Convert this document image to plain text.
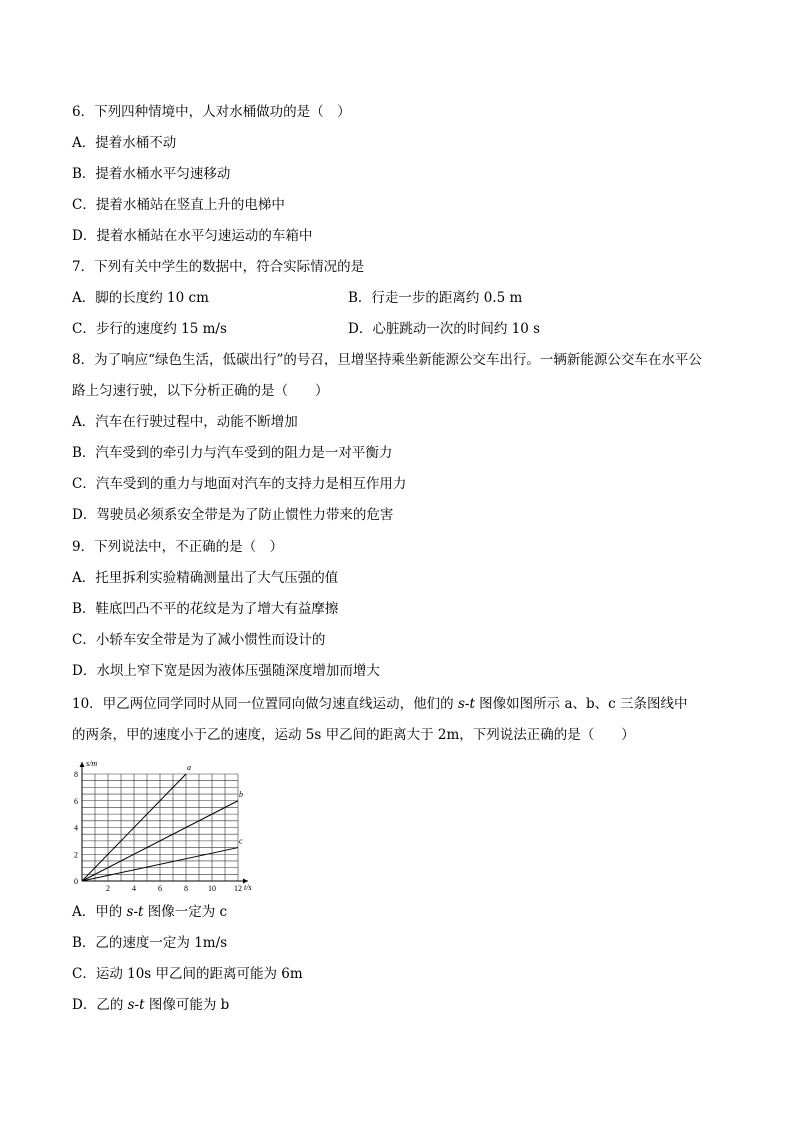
6．下列四种情境中，人对水桶做功的是（　）
A．提着水桶不动
B．提着水桶水平匀速移动
C．提着水桶站在竖直上升的电梯中
D．提着水桶站在水平匀速运动的车箱中
7．下列有关中学生的数据中，符合实际情况的是
A．脚的长度约 10 cm	B．行走一步的距离约 0.5 m
C．步行的速度约 15 m/s	D．心脏跳动一次的时间约 10 s
8．为了响应“绿色生活，低碳出行”的号召，旦增坚持乘坐新能源公交车出行。一辆新能源公交车在水平公
路上匀速行驶，以下分析正确的是（　　）
A．汽车在行驶过程中，动能不断增加
B．汽车受到的牵引力与汽车受到的阻力是一对平衡力
C．汽车受到的重力与地面对汽车的支持力是相互作用力
D．驾驶员必须系安全带是为了防止惯性力带来的危害
9．下列说法中，不正确的是（　）
A．托里拆利实验精确测量出了大气压强的值
B．鞋底凹凸不平的花纹是为了增大有益摩擦
C．小轿车安全带是为了减小惯性而设计的
D．水坝上窄下宽是因为液体压强随深度增加而增大
10．甲乙两位同学同时从同一位置同向做匀速直线运动，他们的 s-t 图像如图所示 a、b、c 三条图线中
的两条，甲的速度小于乙的速度，运动 5s 甲乙间的距离大于 2m，下列说法正确的是（　　）
2	4	6	8	10 12
0
2
4
6
8
t/s
s/m	a
b
c
A．甲的 s-t 图像一定为 c
B．乙的速度一定为 1m/s
C．运动 10s 甲乙间的距离可能为 6m
D．乙的 s-t 图像可能为 b
